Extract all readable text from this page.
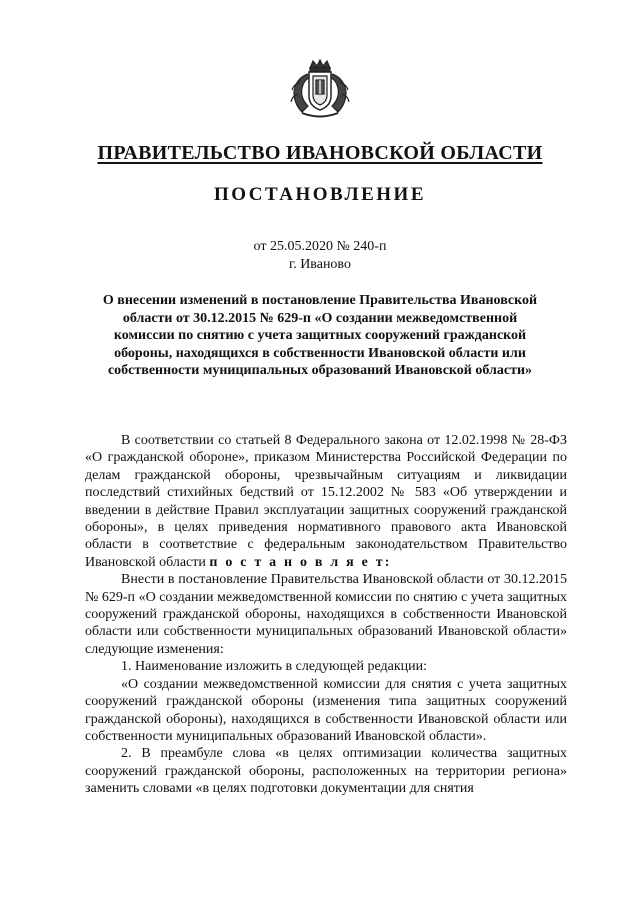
ПРАВИТЕЛЬСТВО ИВАНОВСКОЙ ОБЛАСТИ
ПОСТАНОВЛЕНИЕ
от 25.05.2020 № 240-п
г. Иваново
О внесении изменений в постановление Правительства Ивановской области от 30.12.2015 № 629-п «О создании межведомственной комиссии по снятию с учета защитных сооружений гражданской обороны, находящихся в собственности Ивановской области или собственности муниципальных образований Ивановской области»

В соответствии со статьей 8 Федерального закона от 12.02.1998 № 28-ФЗ «О гражданской обороне», приказом Министерства Российской Федерации по делам гражданской обороны, чрезвычайным ситуациям и ликвидации последствий стихийных бедствий от 15.12.2002 № 583 «Об утверждении и введении в действие Правил эксплуатации защитных сооружений гражданской обороны», в целях приведения нормативного правового акта Ивановской области в соответствие с федеральным законодательством Правительство Ивановской области п о с т а н о в л я е т:

Внести в постановление Правительства Ивановской области от 30.12.2015 № 629-п «О создании межведомственной комиссии по снятию с учета защитных сооружений гражданской обороны, находящихся в собственности Ивановской области или собственности муниципальных образований Ивановской области» следующие изменения:

1. Наименование изложить в следующей редакции:

«О создании межведомственной комиссии для снятия с учета защитных сооружений гражданской обороны (изменения типа защитных сооружений гражданской обороны), находящихся в собственности Ивановской области или собственности муниципальных образований Ивановской области».

2. В преамбуле слова «в целях оптимизации количества защитных сооружений гражданской обороны, расположенных на территории региона» заменить словами «в целях подготовки документации для снятия
